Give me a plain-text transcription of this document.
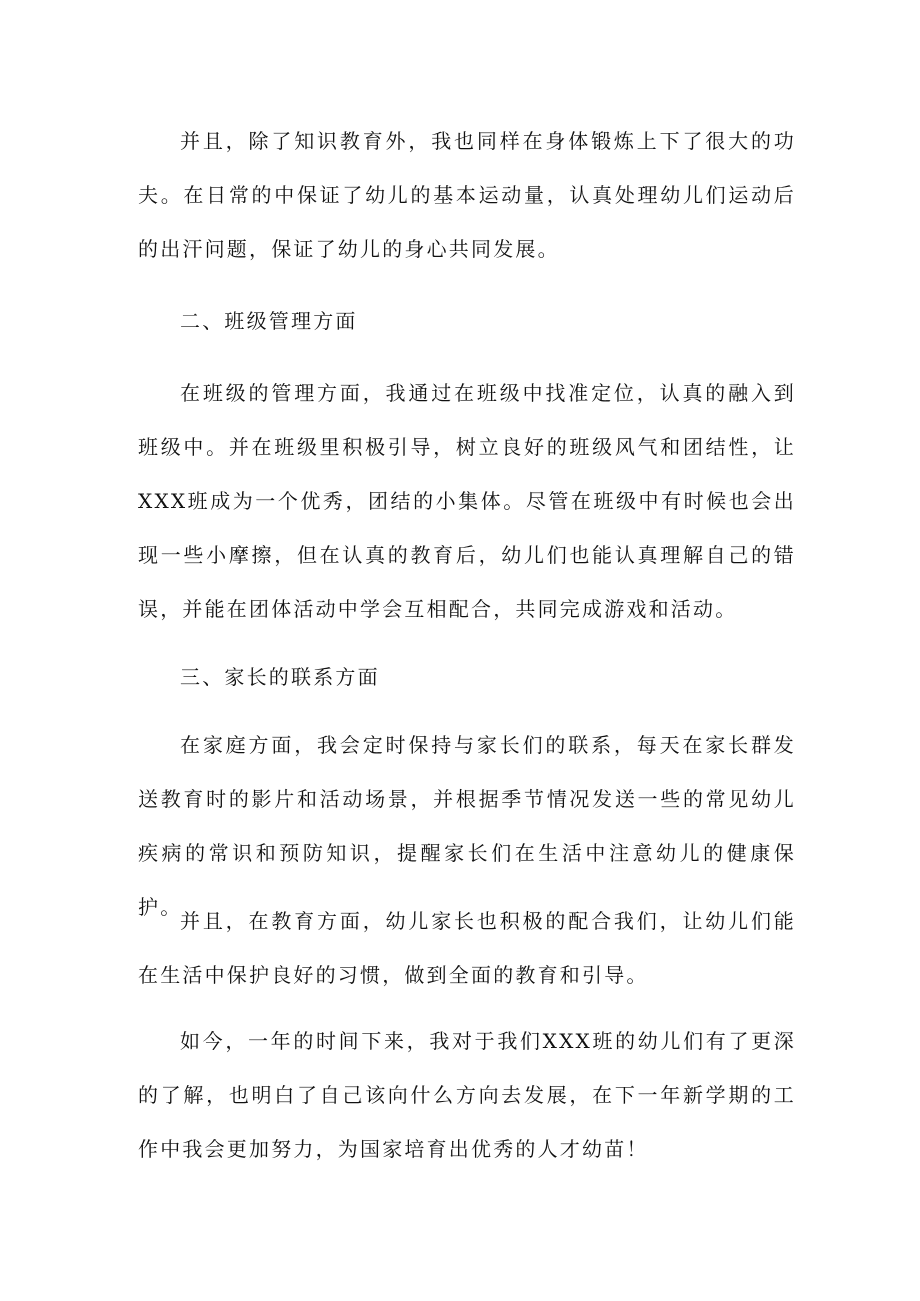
并且，除了知识教育外，我也同样在身体锻炼上下了很大的功夫。在日常的中保证了幼儿的基本运动量，认真处理幼儿们运动后的出汗问题，保证了幼儿的身心共同发展。

二、班级管理方面

在班级的管理方面，我通过在班级中找准定位，认真的融入到班级中。并在班级里积极引导，树立良好的班级风气和团结性，让XXX班成为一个优秀，团结的小集体。尽管在班级中有时候也会出现一些小摩擦，但在认真的教育后，幼儿们也能认真理解自己的错误，并能在团体活动中学会互相配合，共同完成游戏和活动。

三、家长的联系方面

在家庭方面，我会定时保持与家长们的联系，每天在家长群发送教育时的影片和活动场景，并根据季节情况发送一些的常见幼儿疾病的常识和预防知识，提醒家长们在生活中注意幼儿的健康保护。

并且，在教育方面，幼儿家长也积极的配合我们，让幼儿们能在生活中保护良好的习惯，做到全面的教育和引导。

如今，一年的时间下来，我对于我们XXX班的幼儿们有了更深的了解，也明白了自己该向什么方向去发展，在下一年新学期的工作中我会更加努力，为国家培育出优秀的人才幼苗！
